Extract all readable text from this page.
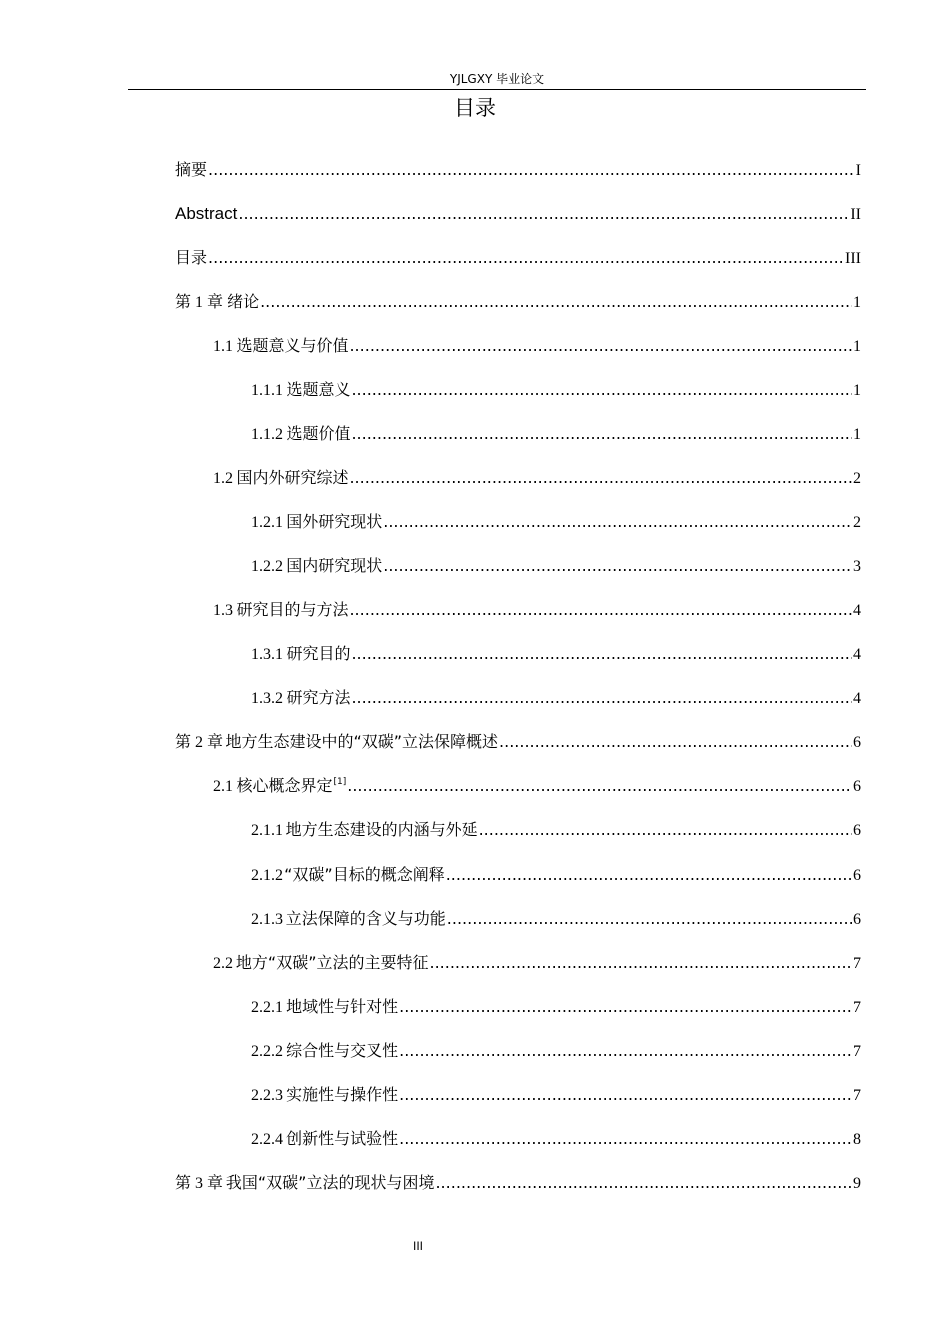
YJLGXY 毕业论文
目录
摘要 .....	I
Abstract .....	II
目录 .....	III
第 1 章 绪论 .....	1
1.1 选题意义与价值 .....	1
1.1.1 选题意义 .....	1
1.1.2 选题价值 .....	1
1.2 国内外研究综述 .....	2
1.2.1 国外研究现状 .....	2
1.2.2 国内研究现状 .....	3
1.3 研究目的与方法 .....	4
1.3.1 研究目的 .....	4
1.3.2 研究方法 .....	4
第 2 章 地方生态建设中的“双碳”立法保障概述 .....	6
2.1 核心概念界定 [1] .....	6
2.1.1 地方生态建设的内涵与外延 .....	6
2.1.2 “双碳”目标的概念阐释 .....	6
2.1.3 立法保障的含义与功能 .....	6
2.2 地方“双碳”立法的主要特征 .....	7
2.2.1 地域性与针对性 .....	7
2.2.2 综合性与交叉性 .....	7
2.2.3 实施性与操作性 .....	7
2.2.4 创新性与试验性 .....	8
第 3 章 我国“双碳”立法的现状与困境 .....	9
III
